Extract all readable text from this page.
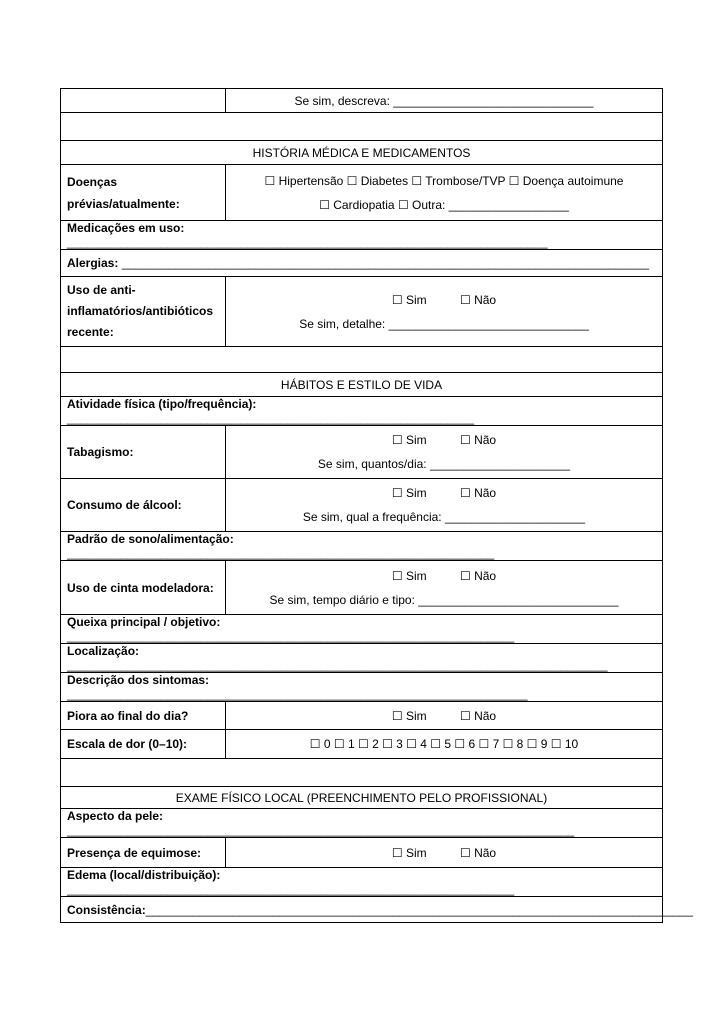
	Se sim, descreva: ______________________________

HISTÓRIA MÉDICA E MEDICAMENTOS	
Doenças prévias/atualmente:	☐ Hipertensão ☐ Diabetes ☐ Trombose/TVP ☐ Doença autoimune
☐ Cardiopatia ☐ Outra: __________________

Medicações em uso: ________________________________________________________________________	
Alergias: _______________________________________________________________________________	
Uso de anti-inflamatórios/antibióticos recente:	☐ Sim          ☐ Não
Se sim, detalhe: ______________________________

HÁBITOS E ESTILO DE VIDA	
Atividade física (tipo/frequência): _____________________________________________________________	
Tabagismo:	☐ Sim          ☐ Não
Se sim, quantos/dia: _____________________

Consumo de álcool:	☐ Sim          ☐ Não
Se sim, qual a frequência: _____________________

Padrão de sono/alimentação: ________________________________________________________________	
Uso de cinta modeladora:	☐ Sim          ☐ Não
Se sim, tempo diário e tipo: ______________________________

Queixa principal / objetivo: ___________________________________________________________________	
Localização: _________________________________________________________________________________	
Descrição dos sintomas: _____________________________________________________________________	
Piora ao final do dia?	☐ Sim          ☐ Não
Escala de dor (0–10):	☐ 0 ☐ 1 ☐ 2 ☐ 3 ☐ 4 ☐ 5 ☐ 6 ☐ 7 ☐ 8 ☐ 9 ☐ 10

EXAME FÍSICO LOCAL (PREENCHIMENTO PELO PROFISSIONAL)	
Aspecto da pele: ____________________________________________________________________________	
Presença de equimose:	☐ Sim          ☐ Não
Edema (local/distribuição): ___________________________________________________________________	
Consistência:__________________________________________________________________________________	
